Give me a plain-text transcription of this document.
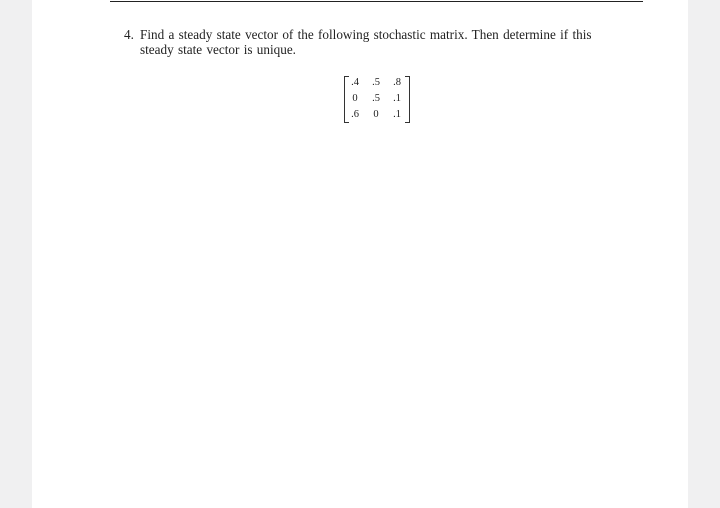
4. Find a steady state vector of the following stochastic matrix. Then determine if this
steady state vector is unique.
.4	.5	.8
0	.5	.1
.6	0	.1
